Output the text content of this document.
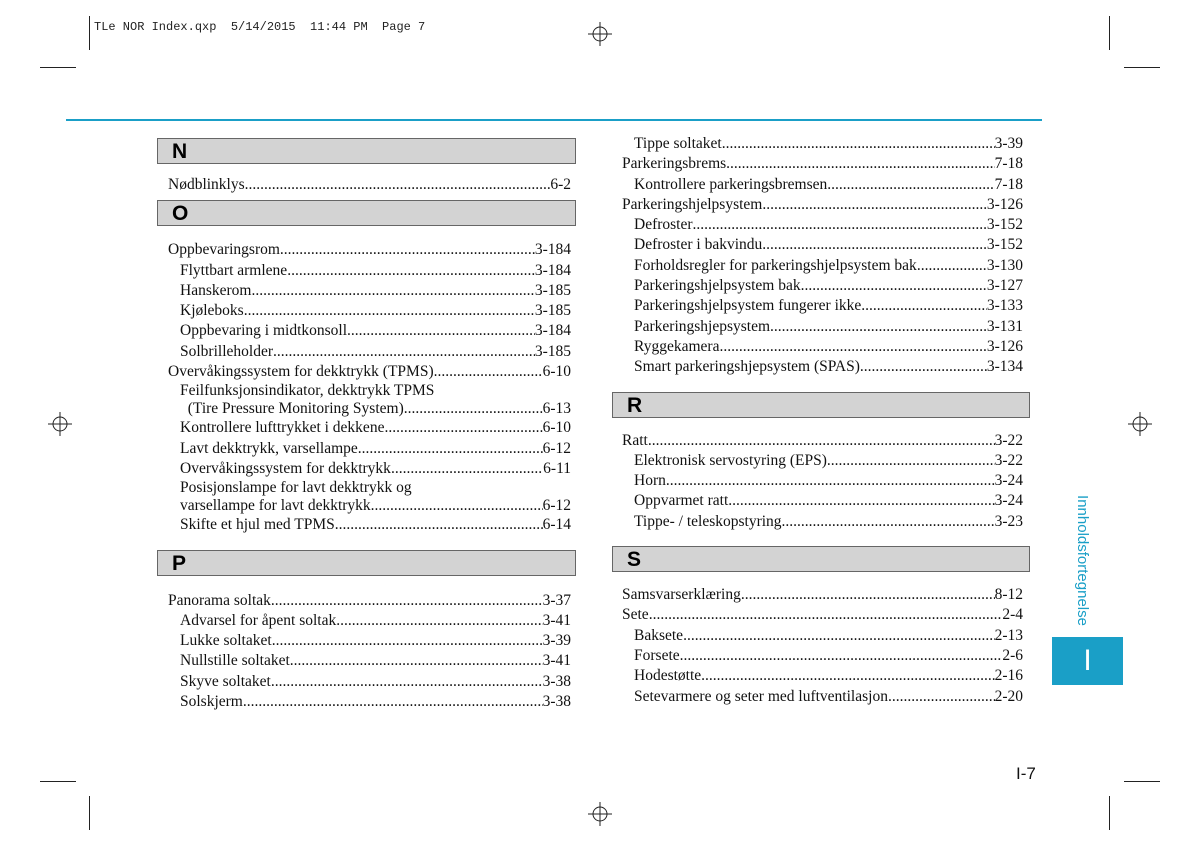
TLe NOR Index.qxp  5/14/2015  11:44 PM  Page 7
N
Nødblinklys .....	6-2
O
Oppbevaringsrom .....	3-184
Flyttbart armlene .....	3-184
Hanskerom .....	3-185
Kjøleboks .....	3-185
Oppbevaring i midtkonsoll .....	3-184
Solbrilleholder .....	3-185
Overvåkingssystem for dekktrykk (TPMS) .....	6-10
Feilfunksjonsindikator, dekktrykk TPMS
(Tire Pressure Monitoring System) .....	6-13
Kontrollere lufttrykket i dekkene .....	6-10
Lavt dekktrykk, varsellampe .....	6-12
Overvåkingssystem for dekktrykk .....	6-11
Posisjonslampe for lavt dekktrykk og
varsellampe for lavt dekktrykk .....	6-12
Skifte et hjul med TPMS .....	6-14
P
Panorama soltak .....	3-37
Advarsel for åpent soltak .....	3-41
Lukke soltaket .....	3-39
Nullstille soltaket .....	3-41
Skyve soltaket .....	3-38
Solskjerm .....	3-38
Tippe soltaket .....	3-39
Parkeringsbrems .....	7-18
Kontrollere parkeringsbremsen .....	7-18
Parkeringshjelpsystem .....	3-126
Defroster .....	3-152
Defroster i bakvindu .....	3-152
Forholdsregler for parkeringshjelpsystem bak .....	3-130
Parkeringshjelpsystem bak .....	3-127
Parkeringshjelpsystem fungerer ikke .....	3-133
Parkeringshjepsystem .....	3-131
Ryggekamera .....	3-126
Smart parkeringshjepsystem (SPAS) .....	3-134
R
Ratt .....	3-22
Elektronisk servostyring (EPS) .....	3-22
Horn .....	3-24
Oppvarmet ratt .....	3-24
Tippe- / teleskopstyring .....	3-23
S
Samsvarserklæring .....	8-12
Sete .....	2-4
Baksete .....	2-13
Forsete .....	2-6
Hodestøtte .....	2-16
Setevarmere og seter med luftventilasjon. .....	2-20
Innholdsfortegnelse
I
I-7
